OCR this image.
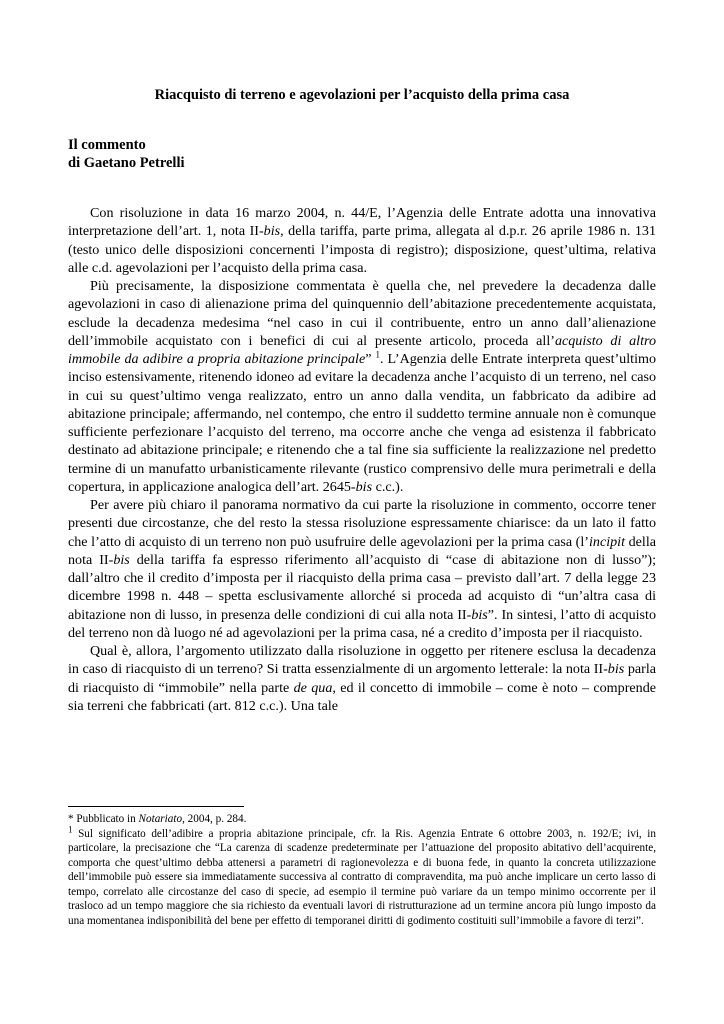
Riacquisto di terreno e agevolazioni per l’acquisto della prima casa
Il commento
di Gaetano Petrelli

Con risoluzione in data 16 marzo 2004, n. 44/E, l’Agenzia delle Entrate adotta una innovativa interpretazione dell’art. 1, nota II-bis, della tariffa, parte prima, allegata al d.p.r. 26 aprile 1986 n. 131 (testo unico delle disposizioni concernenti l’imposta di registro); disposizione, quest’ultima, relativa alle c.d. agevolazioni per l’acquisto della prima casa.

Più precisamente, la disposizione commentata è quella che, nel prevedere la decadenza dalle agevolazioni in caso di alienazione prima del quinquennio dell’abitazione precedentemente acquistata, esclude la decadenza medesima “nel caso in cui il contribuente, entro un anno dall’alienazione dell’immobile acquistato con i benefici di cui al presente articolo, proceda all’acquisto di altro immobile da adibire a propria abitazione principale” $^1$. L’Agenzia delle Entrate interpreta quest’ultimo inciso estensivamente, ritenendo idoneo ad evitare la decadenza anche l’acquisto di un terreno, nel caso in cui su quest’ultimo venga realizzato, entro un anno dalla vendita, un fabbricato da adibire ad abitazione principale; affermando, nel contempo, che entro il suddetto termine annuale non è comunque sufficiente perfezionare l’acquisto del terreno, ma occorre anche che venga ad esistenza il fabbricato destinato ad abitazione principale; e ritenendo che a tal fine sia sufficiente la realizzazione nel predetto termine di un manufatto urbanisticamente rilevante (rustico comprensivo delle mura perimetrali e della copertura, in applicazione analogica dell’art. 2645-bis c.c.).

Per avere più chiaro il panorama normativo da cui parte la risoluzione in commento, occorre tener presenti due circostanze, che del resto la stessa risoluzione espressamente chiarisce: da un lato il fatto che l’atto di acquisto di un terreno non può usufruire delle agevolazioni per la prima casa (l’incipit della nota II-bis della tariffa fa espresso riferimento all’acquisto di “case di abitazione non di lusso”); dall’altro che il credito d’imposta per il riacquisto della prima casa – previsto dall’art. 7 della legge 23 dicembre 1998 n. 448 – spetta esclusivamente allorché si proceda ad acquisto di “un’altra casa di abitazione non di lusso, in presenza delle condizioni di cui alla nota II-bis”. In sintesi, l’atto di acquisto del terreno non dà luogo né ad agevolazioni per la prima casa, né a credito d’imposta per il riacquisto.

Qual è, allora, l’argomento utilizzato dalla risoluzione in oggetto per ritenere esclusa la decadenza in caso di riacquisto di un terreno? Si tratta essenzialmente di un argomento letterale: la nota II-bis parla di riacquisto di “immobile” nella parte de qua, ed il concetto di immobile – come è noto – comprende sia terreni che fabbricati (art. 812 c.c.). Una tale

* Pubblicato in Notariato, 2004, p. 284.

$^1$ Sul significato dell’adibire a propria abitazione principale, cfr. la Ris. Agenzia Entrate 6 ottobre 2003, n. 192/E; ivi, in particolare, la precisazione che “La carenza di scadenze predeterminate per l’attuazione del proposito abitativo dell’acquirente, comporta che quest’ultimo debba attenersi a parametri di ragionevolezza e di buona fede, in quanto la concreta utilizzazione dell’immobile può essere sia immediatamente successiva al contratto di compravendita, ma può anche implicare un certo lasso di tempo, correlato alle circostanze del caso di specie, ad esempio il termine può variare da un tempo minimo occorrente per il trasloco ad un tempo maggiore che sia richiesto da eventuali lavori di ristrutturazione ad un termine ancora più lungo imposto da una momentanea indisponibilità del bene per effetto di temporanei diritti di godimento costituiti sull’immobile a favore di terzi”.
